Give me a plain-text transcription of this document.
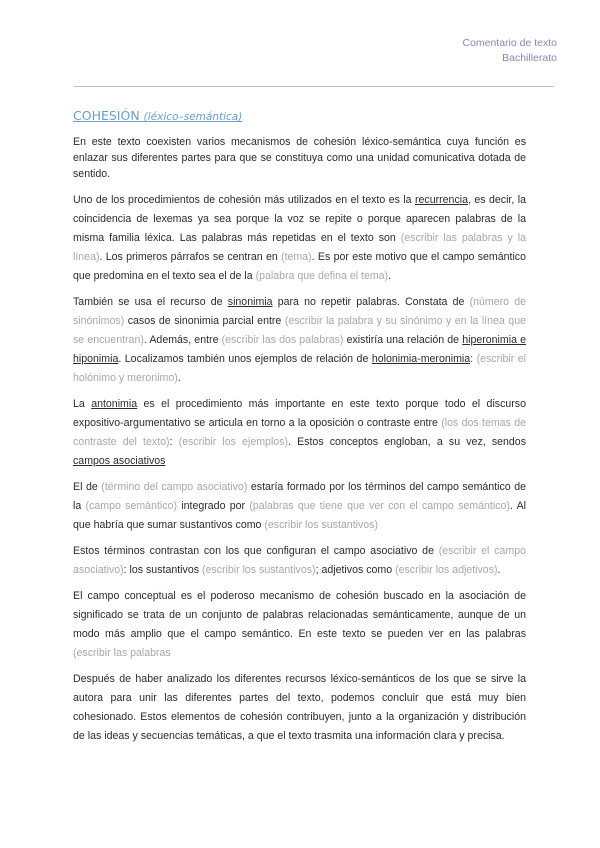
Comentario de texto
Bachillerato
COHESIÓN (léxico–semántica)

En este texto coexisten varios mecanismos de cohesión léxico-semántica cuya función es enlazar sus diferentes partes para que se constituya como una unidad comunicativa dotada de sentido.

Uno de los procedimientos de cohesión más utilizados en el texto es la recurrencia, es decir, la coincidencia de lexemas ya sea porque la voz se repite o porque aparecen palabras de la misma familia léxica. Las palabras más repetidas en el texto son (escribir las palabras y la línea). Los primeros párrafos se centran en (tema). Es por este motivo que el campo semántico que predomina en el texto sea el de la (palabra que defina el tema).

También se usa el recurso de sinonimia para no repetir palabras. Constata de (número de sinónimos) casos de sinonimia parcial entre (escribir la palabra y su sinónimo y en la línea que se encuentran). Además, entre (escribir las dos palabras) existiría una relación de hiperonimia e hiponimia. Localizamos también unos ejemplos de relación de holonimia-meronimia: (escribir el holónimo y meronimo).

La antonimia es el procedimiento más importante en este texto porque todo el discurso expositivo-argumentativo se articula en torno a la oposición o contraste entre (los dos temas de contraste del texto): (escribir los ejemplos). Estos conceptos engloban, a su vez, sendos campos asociativos

El de (término del campo asociativo) estaría formado por los términos del campo semántico de la (campo semántico) integrado por (palabras que tiene que ver con el campo semántico). Al que habría que sumar sustantivos como (escribir los sustantivos)

Estos términos contrastan con los que configuran el campo asociativo de (escribir el campo asociativo): los sustantivos (escribir los sustantivos); adjetivos como (escribir los adjetivos).

El campo conceptual es el poderoso mecanismo de cohesión buscado en la asociación de significado se trata de un conjunto de palabras relacionadas semánticamente, aunque de un modo más amplio que el campo semántico. En este texto se pueden ver en las palabras (escribir las palabras

Después de haber analizado los diferentes recursos léxico-semánticos de los que se sirve la autora para unir las diferentes partes del texto, podemos concluir que está muy bien cohesionado. Estos elementos de cohesión contribuyen, junto a la organización y distribución de las ideas y secuencias temáticas, a que el texto trasmita una información clara y precisa.
